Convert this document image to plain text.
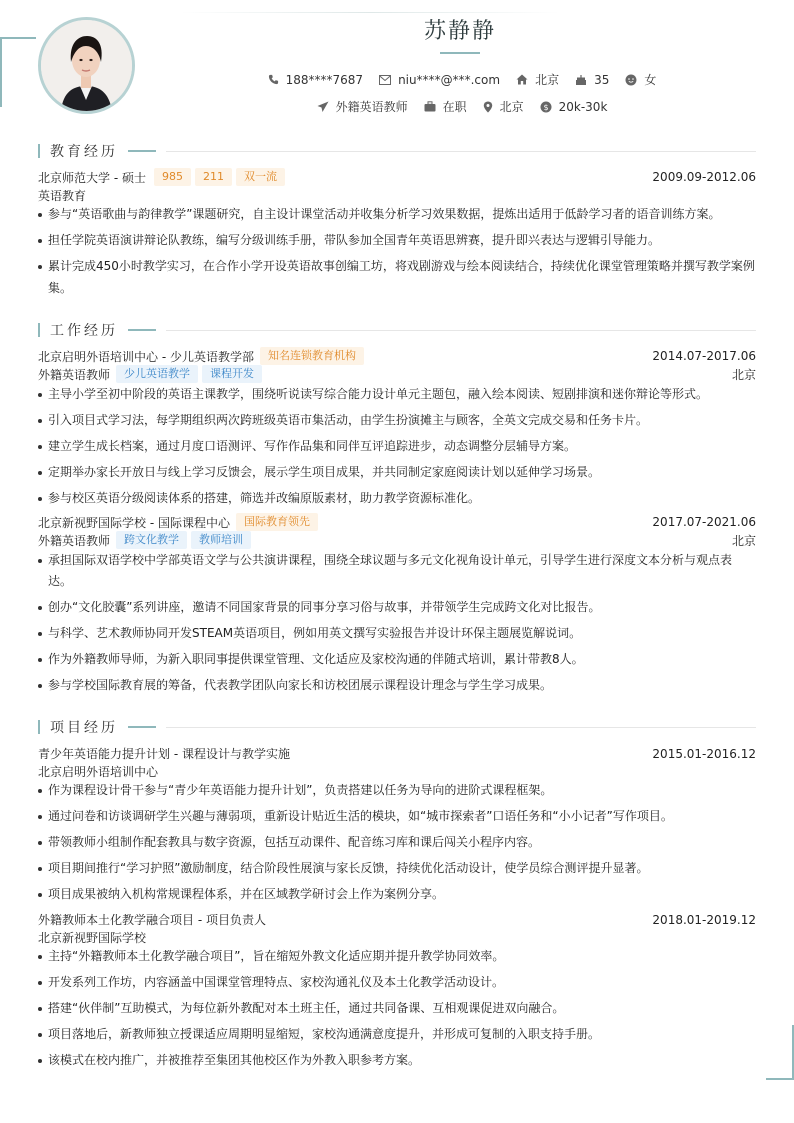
苏静静
188****7687	niu****@***.com	北京	35	女
外籍英语教师	在职	北京 $ 20k-30k
教育经历
北京师范大学 - 硕士	985	211	双一流	2009.09-2012.06
英语教育
参与“英语歌曲与韵律教学”课题研究，自主设计课堂活动并收集分析学习效果数据，提炼出适用于低龄学习者的语音训练方案。
担任学院英语演讲辩论队教练，编写分级训练手册，带队参加全国青年英语思辨赛，提升即兴表达与逻辑引导能力。
累计完成450小时教学实习，在合作小学开设英语故事创编工坊，将戏剧游戏与绘本阅读结合，持续优化课堂管理策略并撰写教学案例
集。
工作经历
北京启明外语培训中心 - 少儿英语教学部	知名连锁教育机构	2014.07-2017.06
外籍英语教师	少儿英语教学	课程开发	北京
主导小学至初中阶段的英语主课教学，围绕听说读写综合能力设计单元主题包，融入绘本阅读、短剧排演和迷你辩论等形式。
引入项目式学习法，每学期组织两次跨班级英语市集活动，由学生扮演摊主与顾客，全英文完成交易和任务卡片。
建立学生成长档案，通过月度口语测评、写作作品集和同伴互评追踪进步，动态调整分层辅导方案。
定期举办家长开放日与线上学习反馈会，展示学生项目成果，并共同制定家庭阅读计划以延伸学习场景。
参与校区英语分级阅读体系的搭建，筛选并改编原版素材，助力教学资源标准化。
北京新视野国际学校 - 国际课程中心	国际教育领先	2017.07-2021.06
外籍英语教师	跨文化教学	教师培训	北京
承担国际双语学校中学部英语文学与公共演讲课程，围绕全球议题与多元文化视角设计单元，引导学生进行深度文本分析与观点表
达。
创办“文化胶囊”系列讲座，邀请不同国家背景的同事分享习俗与故事，并带领学生完成跨文化对比报告。
与科学、艺术教师协同开发STEAM英语项目，例如用英文撰写实验报告并设计环保主题展览解说词。
作为外籍教师导师，为新入职同事提供课堂管理、文化适应及家校沟通的伴随式培训，累计带教8人。
参与学校国际教育展的筹备，代表教学团队向家长和访校团展示课程设计理念与学生学习成果。
项目经历
青少年英语能力提升计划 - 课程设计与教学实施	2015.01-2016.12
北京启明外语培训中心
作为课程设计骨干参与“青少年英语能力提升计划”，负责搭建以任务为导向的进阶式课程框架。
通过问卷和访谈调研学生兴趣与薄弱项，重新设计贴近生活的模块，如“城市探索者”口语任务和“小小记者”写作项目。
带领教师小组制作配套教具与数字资源，包括互动课件、配音练习库和课后闯关小程序内容。
项目期间推行“学习护照”激励制度，结合阶段性展演与家长反馈，持续优化活动设计，使学员综合测评提升显著。
项目成果被纳入机构常规课程体系，并在区域教学研讨会上作为案例分享。
外籍教师本土化教学融合项目 - 项目负责人	2018.01-2019.12
北京新视野国际学校
主持“外籍教师本土化教学融合项目”，旨在缩短外教文化适应期并提升教学协同效率。
开发系列工作坊，内容涵盖中国课堂管理特点、家校沟通礼仪及本土化教学活动设计。
搭建“伙伴制”互助模式，为每位新外教配对本土班主任，通过共同备课、互相观课促进双向融合。
项目落地后，新教师独立授课适应周期明显缩短，家校沟通满意度提升，并形成可复制的入职支持手册。
该模式在校内推广，并被推荐至集团其他校区作为外教入职参考方案。
